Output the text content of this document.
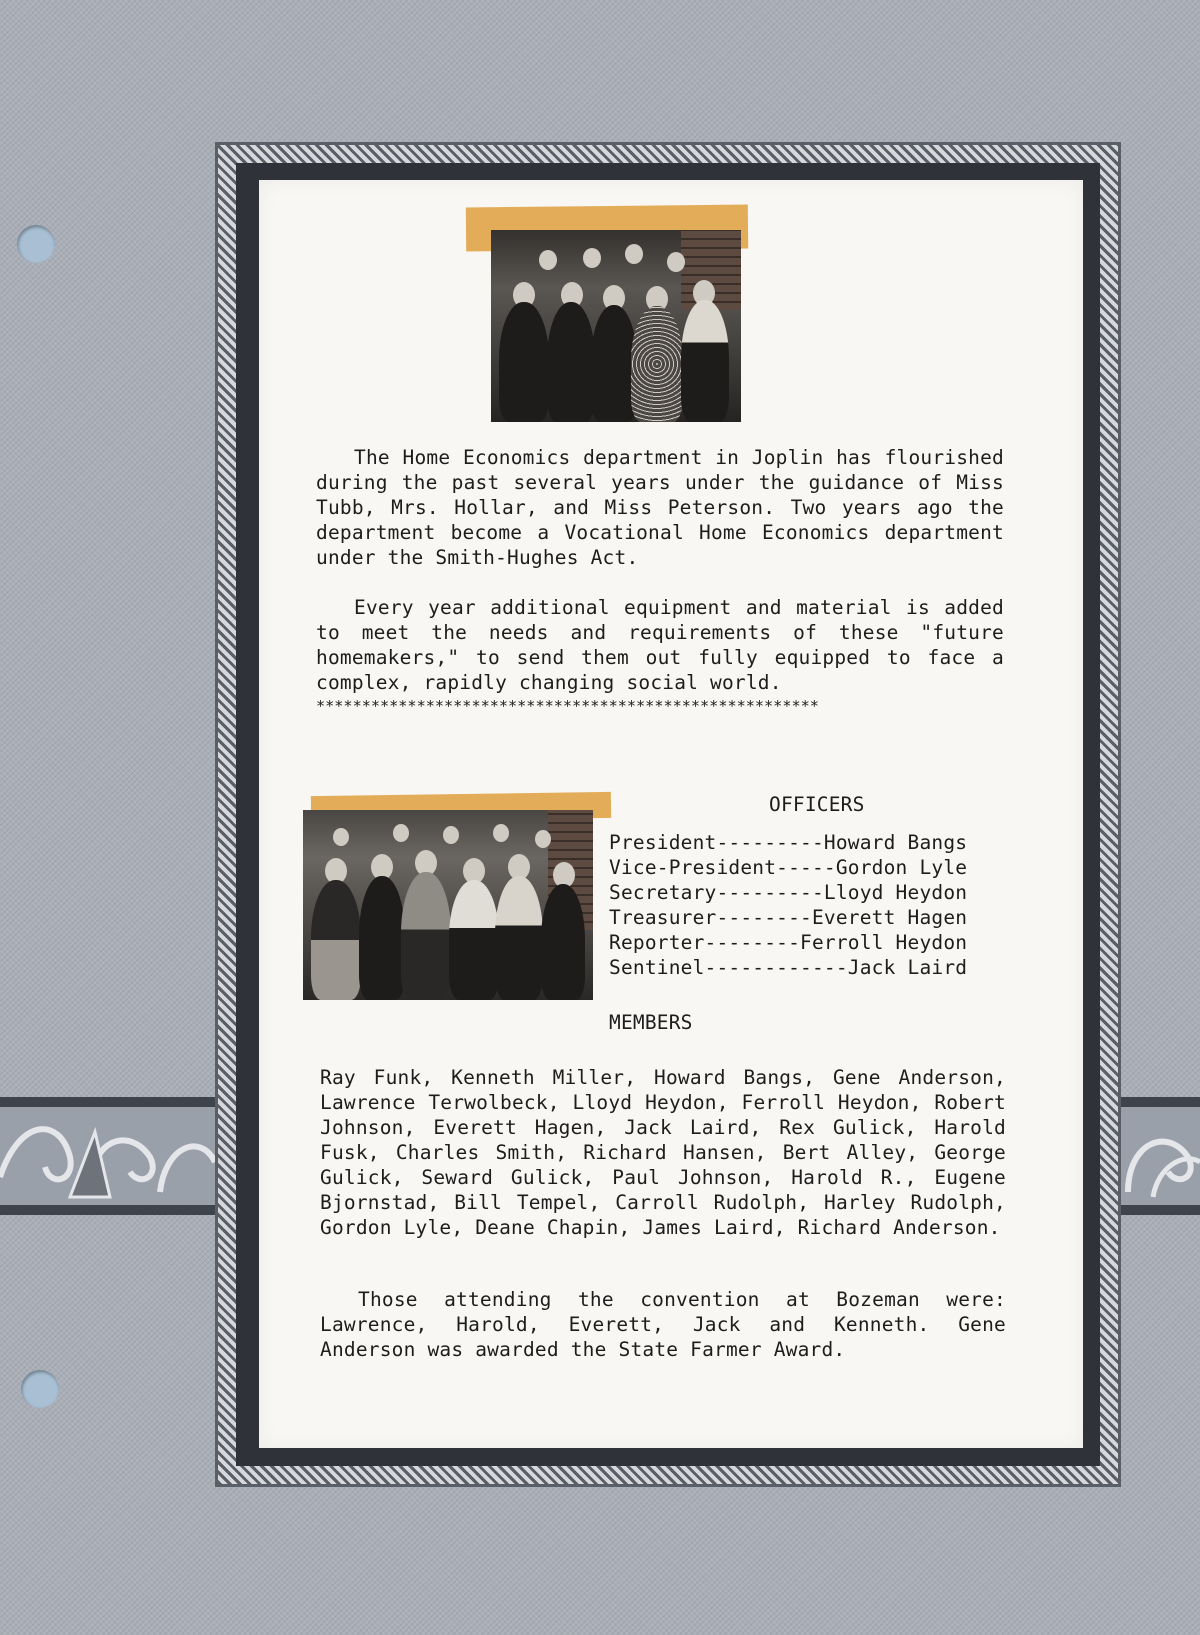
The Home Economics department in Joplin has flourished during the past several years under the guidance of Miss Tubb, Mrs. Hollar, and Miss Peterson. Two years ago the department become a Vocational Home Economics department under the Smith-Hughes Act.
Every year additional equipment and material is added to meet the needs and requirements of these "future homemakers," to send them out fully equipped to face a complex, rapidly changing social world.
*******************************************************
OFFICERS
President---------Howard Bangs
Vice-President-----Gordon Lyle
Secretary---------Lloyd Heydon
Treasurer--------Everett Hagen
Reporter--------Ferroll Heydon
Sentinel------------Jack Laird
MEMBERS
Ray Funk, Kenneth Miller, Howard Bangs, Gene Anderson, Lawrence Terwolbeck, Lloyd Heydon, Ferroll Heydon, Robert Johnson, Everett Hagen, Jack Laird, Rex Gulick, Harold Fusk, Charles Smith, Richard Hansen, Bert Alley, George Gulick, Seward Gulick, Paul Johnson, Harold R., Eugene Bjornstad, Bill Tempel, Carroll Rudolph, Harley Rudolph, Gordon Lyle, Deane Chapin, James Laird, Richard Anderson.
Those attending the convention at Bozeman were: Lawrence, Harold, Everett, Jack and Kenneth. Gene Anderson was awarded the State Farmer Award.
